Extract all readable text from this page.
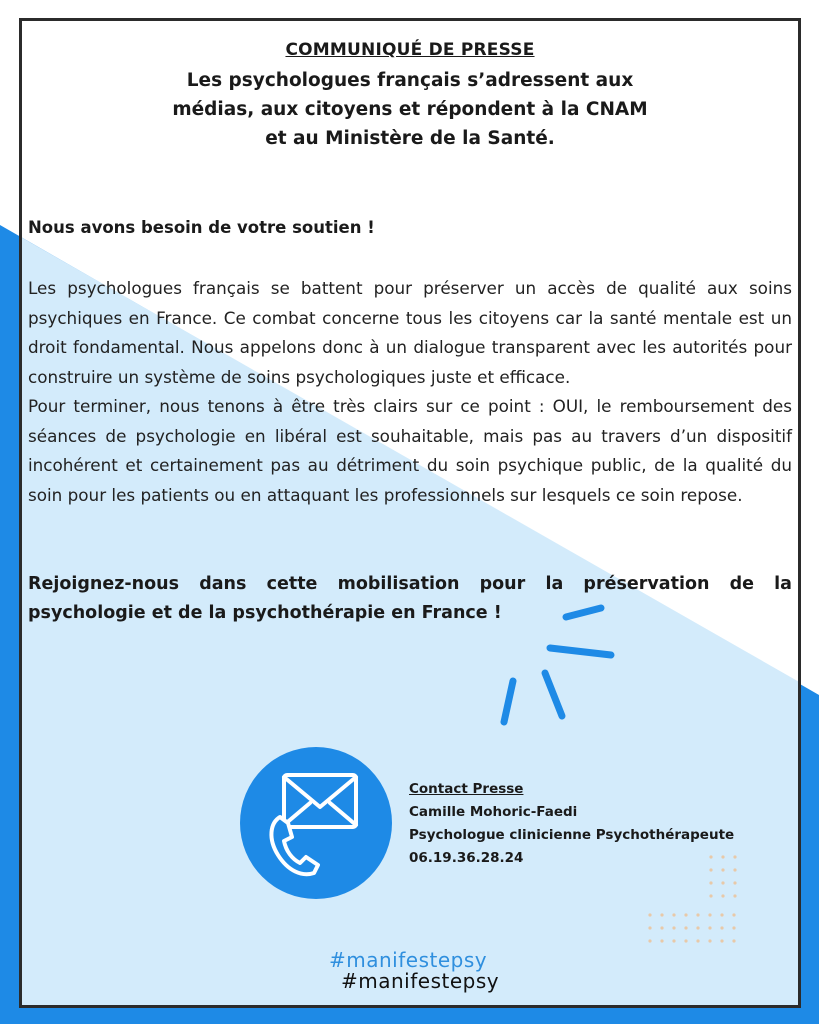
COMMUNIQUÉ DE PRESSE
Les psychologues français s’adressent aux
médias, aux citoyens et répondent à la CNAM
et au Ministère de la Santé.
Nous avons besoin de votre soutien !

Les psychologues français se battent pour préserver un accès de qualité aux soins psychiques en France. Ce combat concerne tous les citoyens car la santé mentale est un droit fondamental. Nous appelons donc à un dialogue transparent avec les autorités pour construire un système de soins psychologiques juste et efficace.

Pour terminer, nous tenons à être très clairs sur ce point : OUI, le remboursement des séances de psychologie en libéral est souhaitable, mais pas au travers d’un dispositif incohérent et certainement pas au détriment du soin psychique public, de la qualité du soin pour les patients ou en attaquant les professionnels sur lesquels ce soin repose.

Rejoignez-nous dans cette mobilisation pour la préservation de la psychologie et de la psychothérapie en France !
Contact Presse
Camille Mohoric-Faedi
Psychologue clinicienne Psychothérapeute
06.19.36.28.24
#manifestepsy
#manifestepsy
